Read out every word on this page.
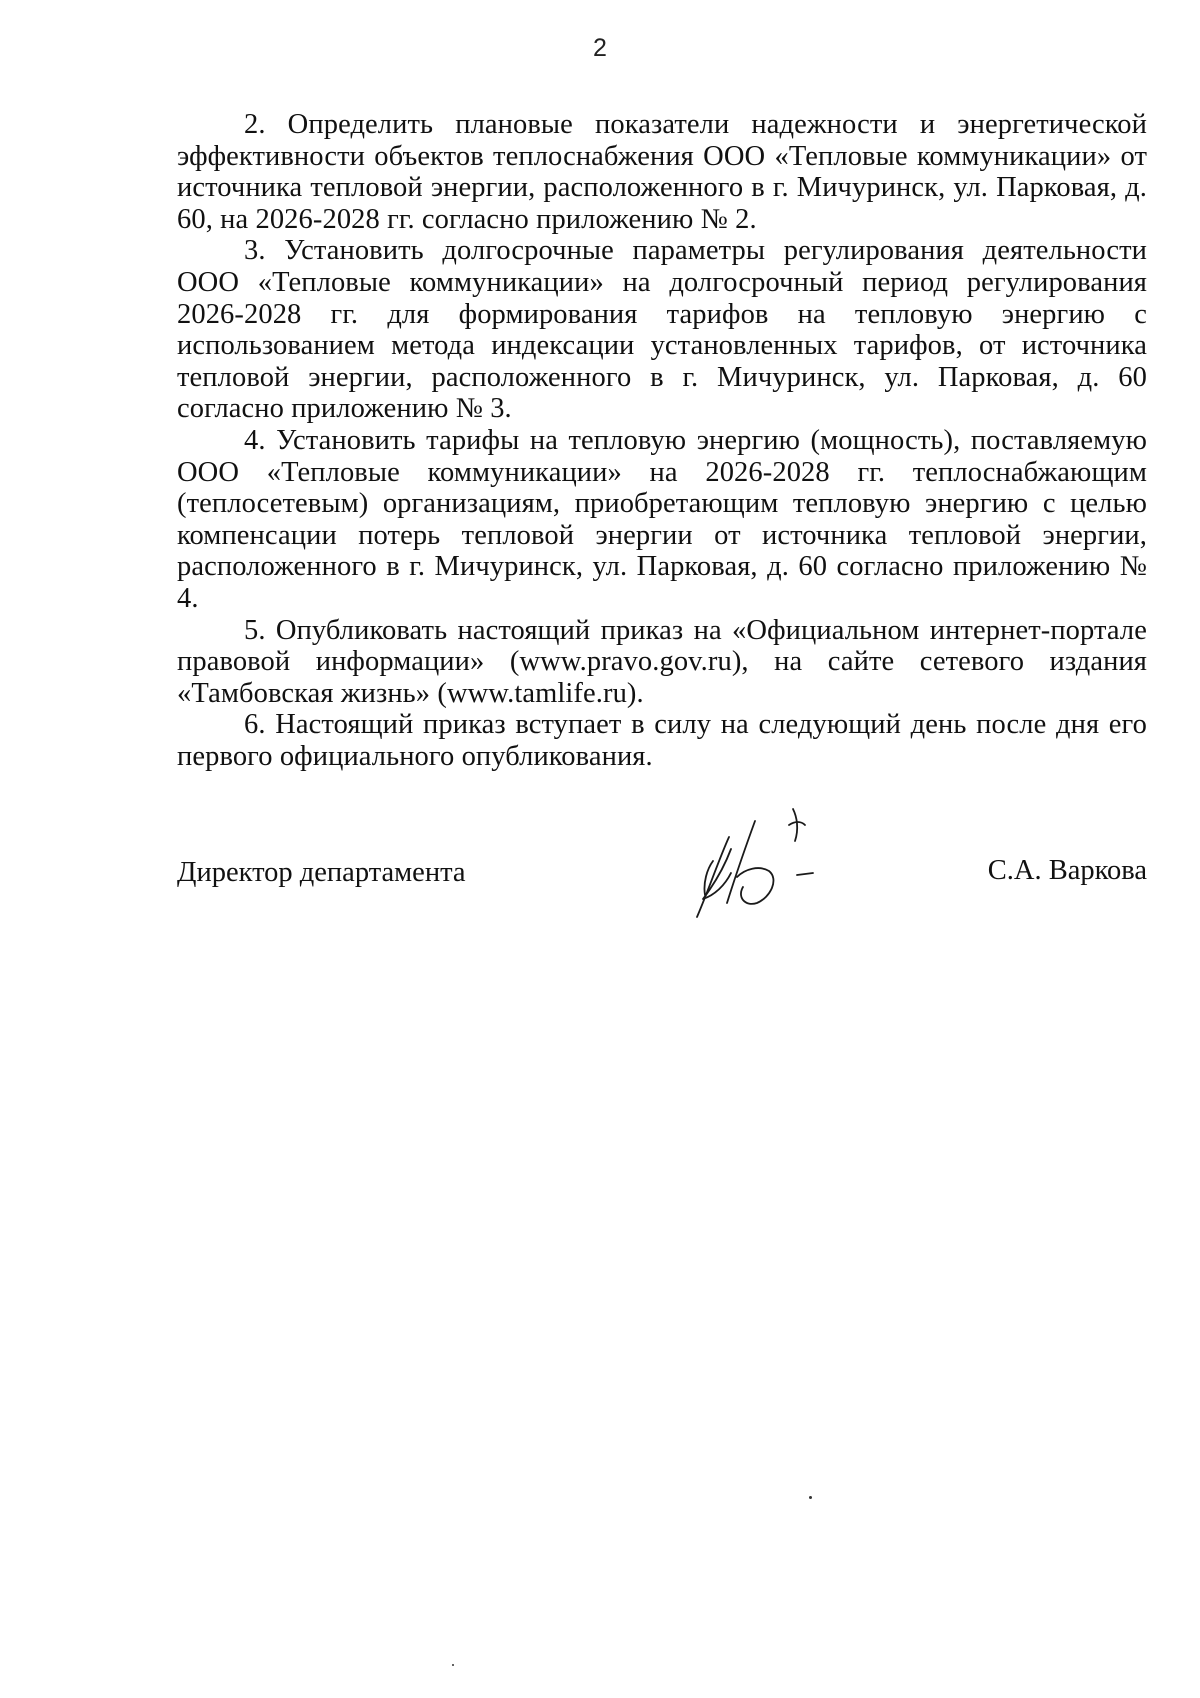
2

2. Определить плановые показатели надежности и энергетической эффективности объектов теплоснабжения ООО «Тепловые коммуникации» от источника тепловой энергии, расположенного в г. Мичуринск, ул. Парковая, д. 60, на 2026-2028 гг. согласно приложению № 2.

3. Установить долгосрочные параметры регулирования деятельности ООО «Тепловые коммуникации» на долгосрочный период регулирования 2026-2028 гг. для формирования тарифов на тепловую энергию с использованием метода индексации установленных тарифов, от источника тепловой энергии, расположенного в г. Мичуринск, ул. Парковая, д. 60 согласно приложению № 3.

4. Установить тарифы на тепловую энергию (мощность), поставляемую ООО «Тепловые коммуникации» на 2026-2028 гг. теплоснабжающим (теплосетевым) организациям, приобретающим тепловую энергию с целью компенсации потерь тепловой энергии от источника тепловой энергии, расположенного в г. Мичуринск, ул. Парковая, д. 60 согласно приложению № 4.

5. Опубликовать настоящий приказ на «Официальном интернет-портале правовой информации» (www.pravo.gov.ru), на сайте сетевого издания «Тамбовская жизнь» (www.tamlife.ru).

6. Настоящий приказ вступает в силу на следующий день после дня его первого официального опубликования.

Директор департамента	С.А. Варкова
